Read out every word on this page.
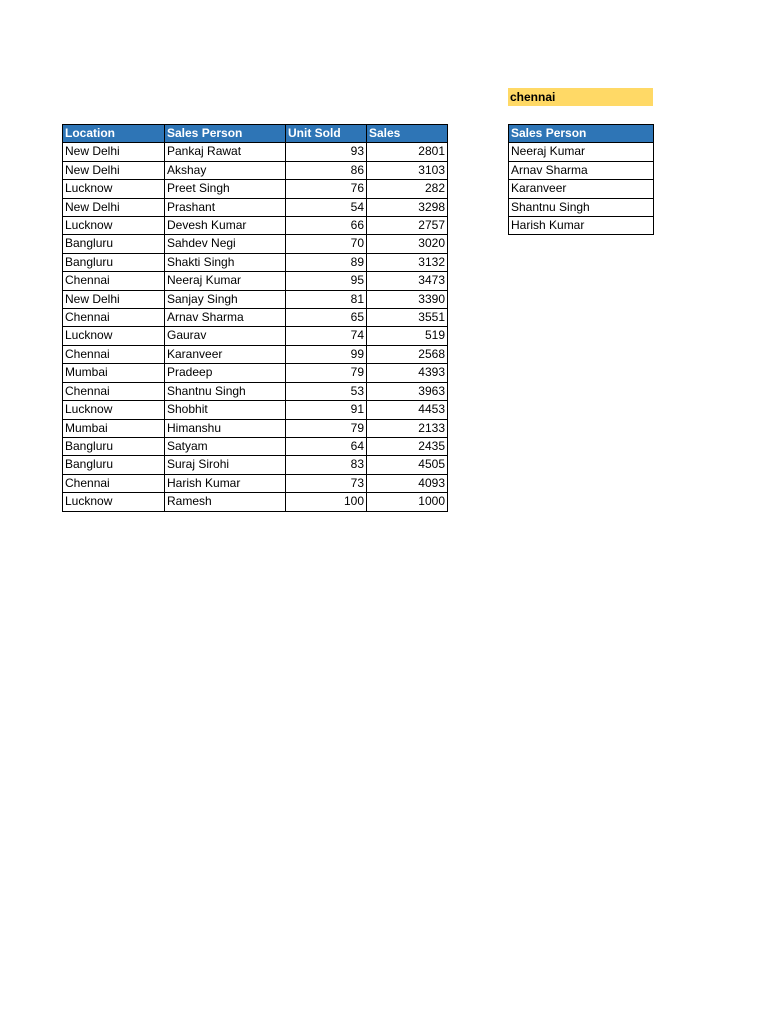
chennai
Location	Sales Person	Unit Sold	Sales
New Delhi	Pankaj Rawat	93	2801
New Delhi	Akshay	86	3103
Lucknow	Preet Singh	76	282
New Delhi	Prashant	54	3298
Lucknow	Devesh Kumar	66	2757
Bangluru	Sahdev Negi	70	3020
Bangluru	Shakti Singh	89	3132
Chennai	Neeraj Kumar	95	3473
New Delhi	Sanjay Singh	81	3390
Chennai	Arnav Sharma	65	3551
Lucknow	Gaurav	74	519
Chennai	Karanveer	99	2568
Mumbai	Pradeep	79	4393
Chennai	Shantnu Singh	53	3963
Lucknow	Shobhit	91	4453
Mumbai	Himanshu	79	2133
Bangluru	Satyam	64	2435
Bangluru	Suraj Sirohi	83	4505
Chennai	Harish Kumar	73	4093
Lucknow	Ramesh	100	1000
Sales Person
Neeraj Kumar
Arnav Sharma
Karanveer
Shantnu Singh
Harish Kumar
